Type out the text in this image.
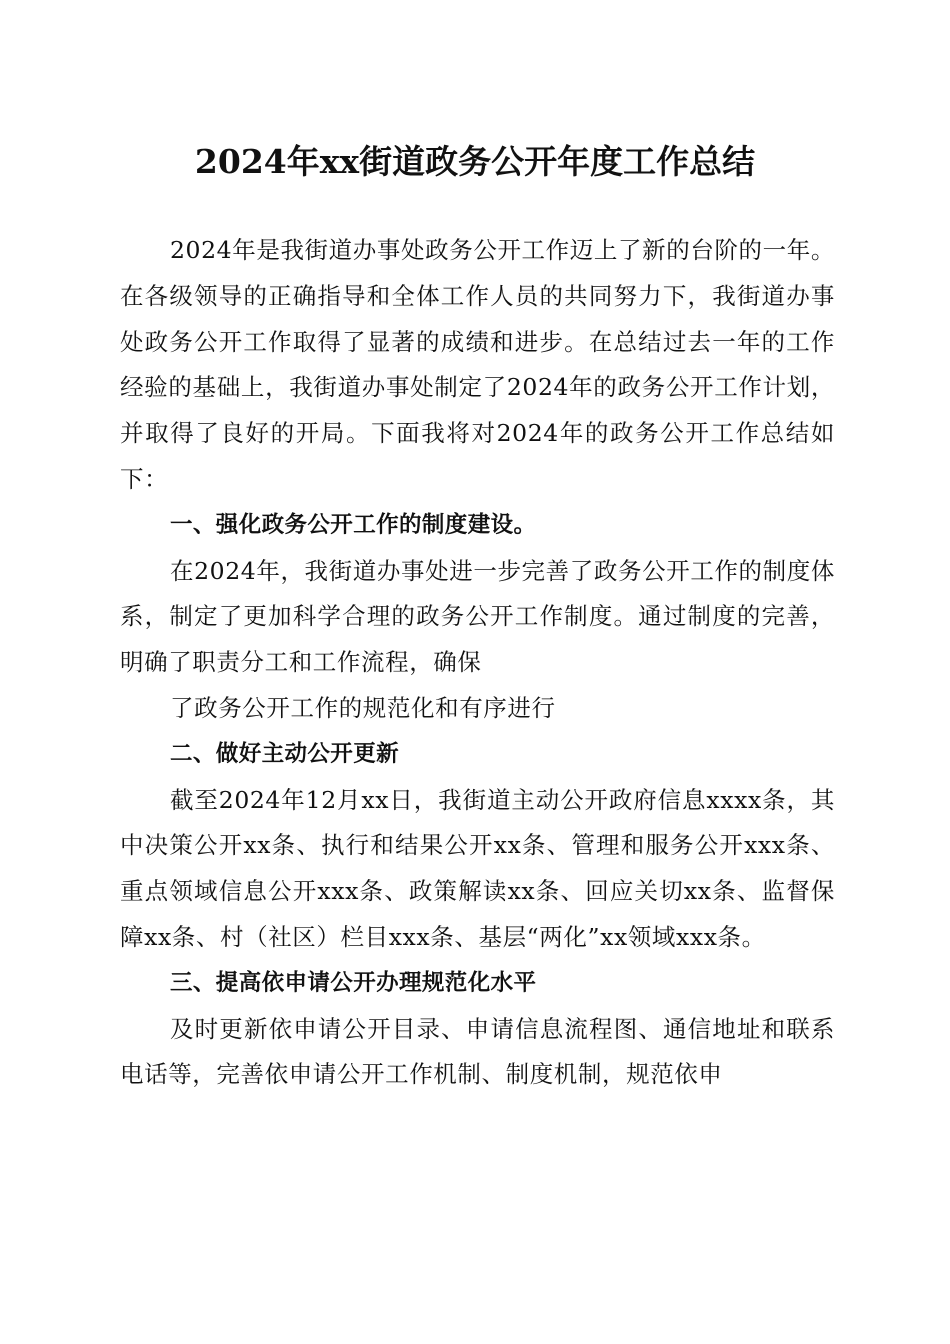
2024年xx街道政务公开年度工作总结

2024年是我街道办事处政务公开工作迈上了新的台阶的一年。在各级领导的正确指导和全体工作人员的共同努力下，我街道办事处政务公开工作取得了显著的成绩和进步。在总结过去一年的工作经验的基础上，我街道办事处制定了2024年的政务公开工作计划，并取得了良好的开局。下面我将对2024年的政务公开工作总结如下：

一、强化政务公开工作的制度建设。

在2024年，我街道办事处进一步完善了政务公开工作的制度体系，制定了更加科学合理的政务公开工作制度。通过制度的完善，明确了职责分工和工作流程，确保

了政务公开工作的规范化和有序进行

二、做好主动公开更新

截至2024年12月xx日，我街道主动公开政府信息xxxx条，其中决策公开xx条、执行和结果公开xx条、管理和服务公开xxx条、重点领域信息公开xxx条、政策解读xx条、回应关切xx条、监督保障xx条、村（社区）栏目xxx条、基层“两化”xx领域xxx条。

三、提高依申请公开办理规范化水平

及时更新依申请公开目录、申请信息流程图、通信地址和联系电话等，完善依申请公开工作机制、制度机制，规范依申
